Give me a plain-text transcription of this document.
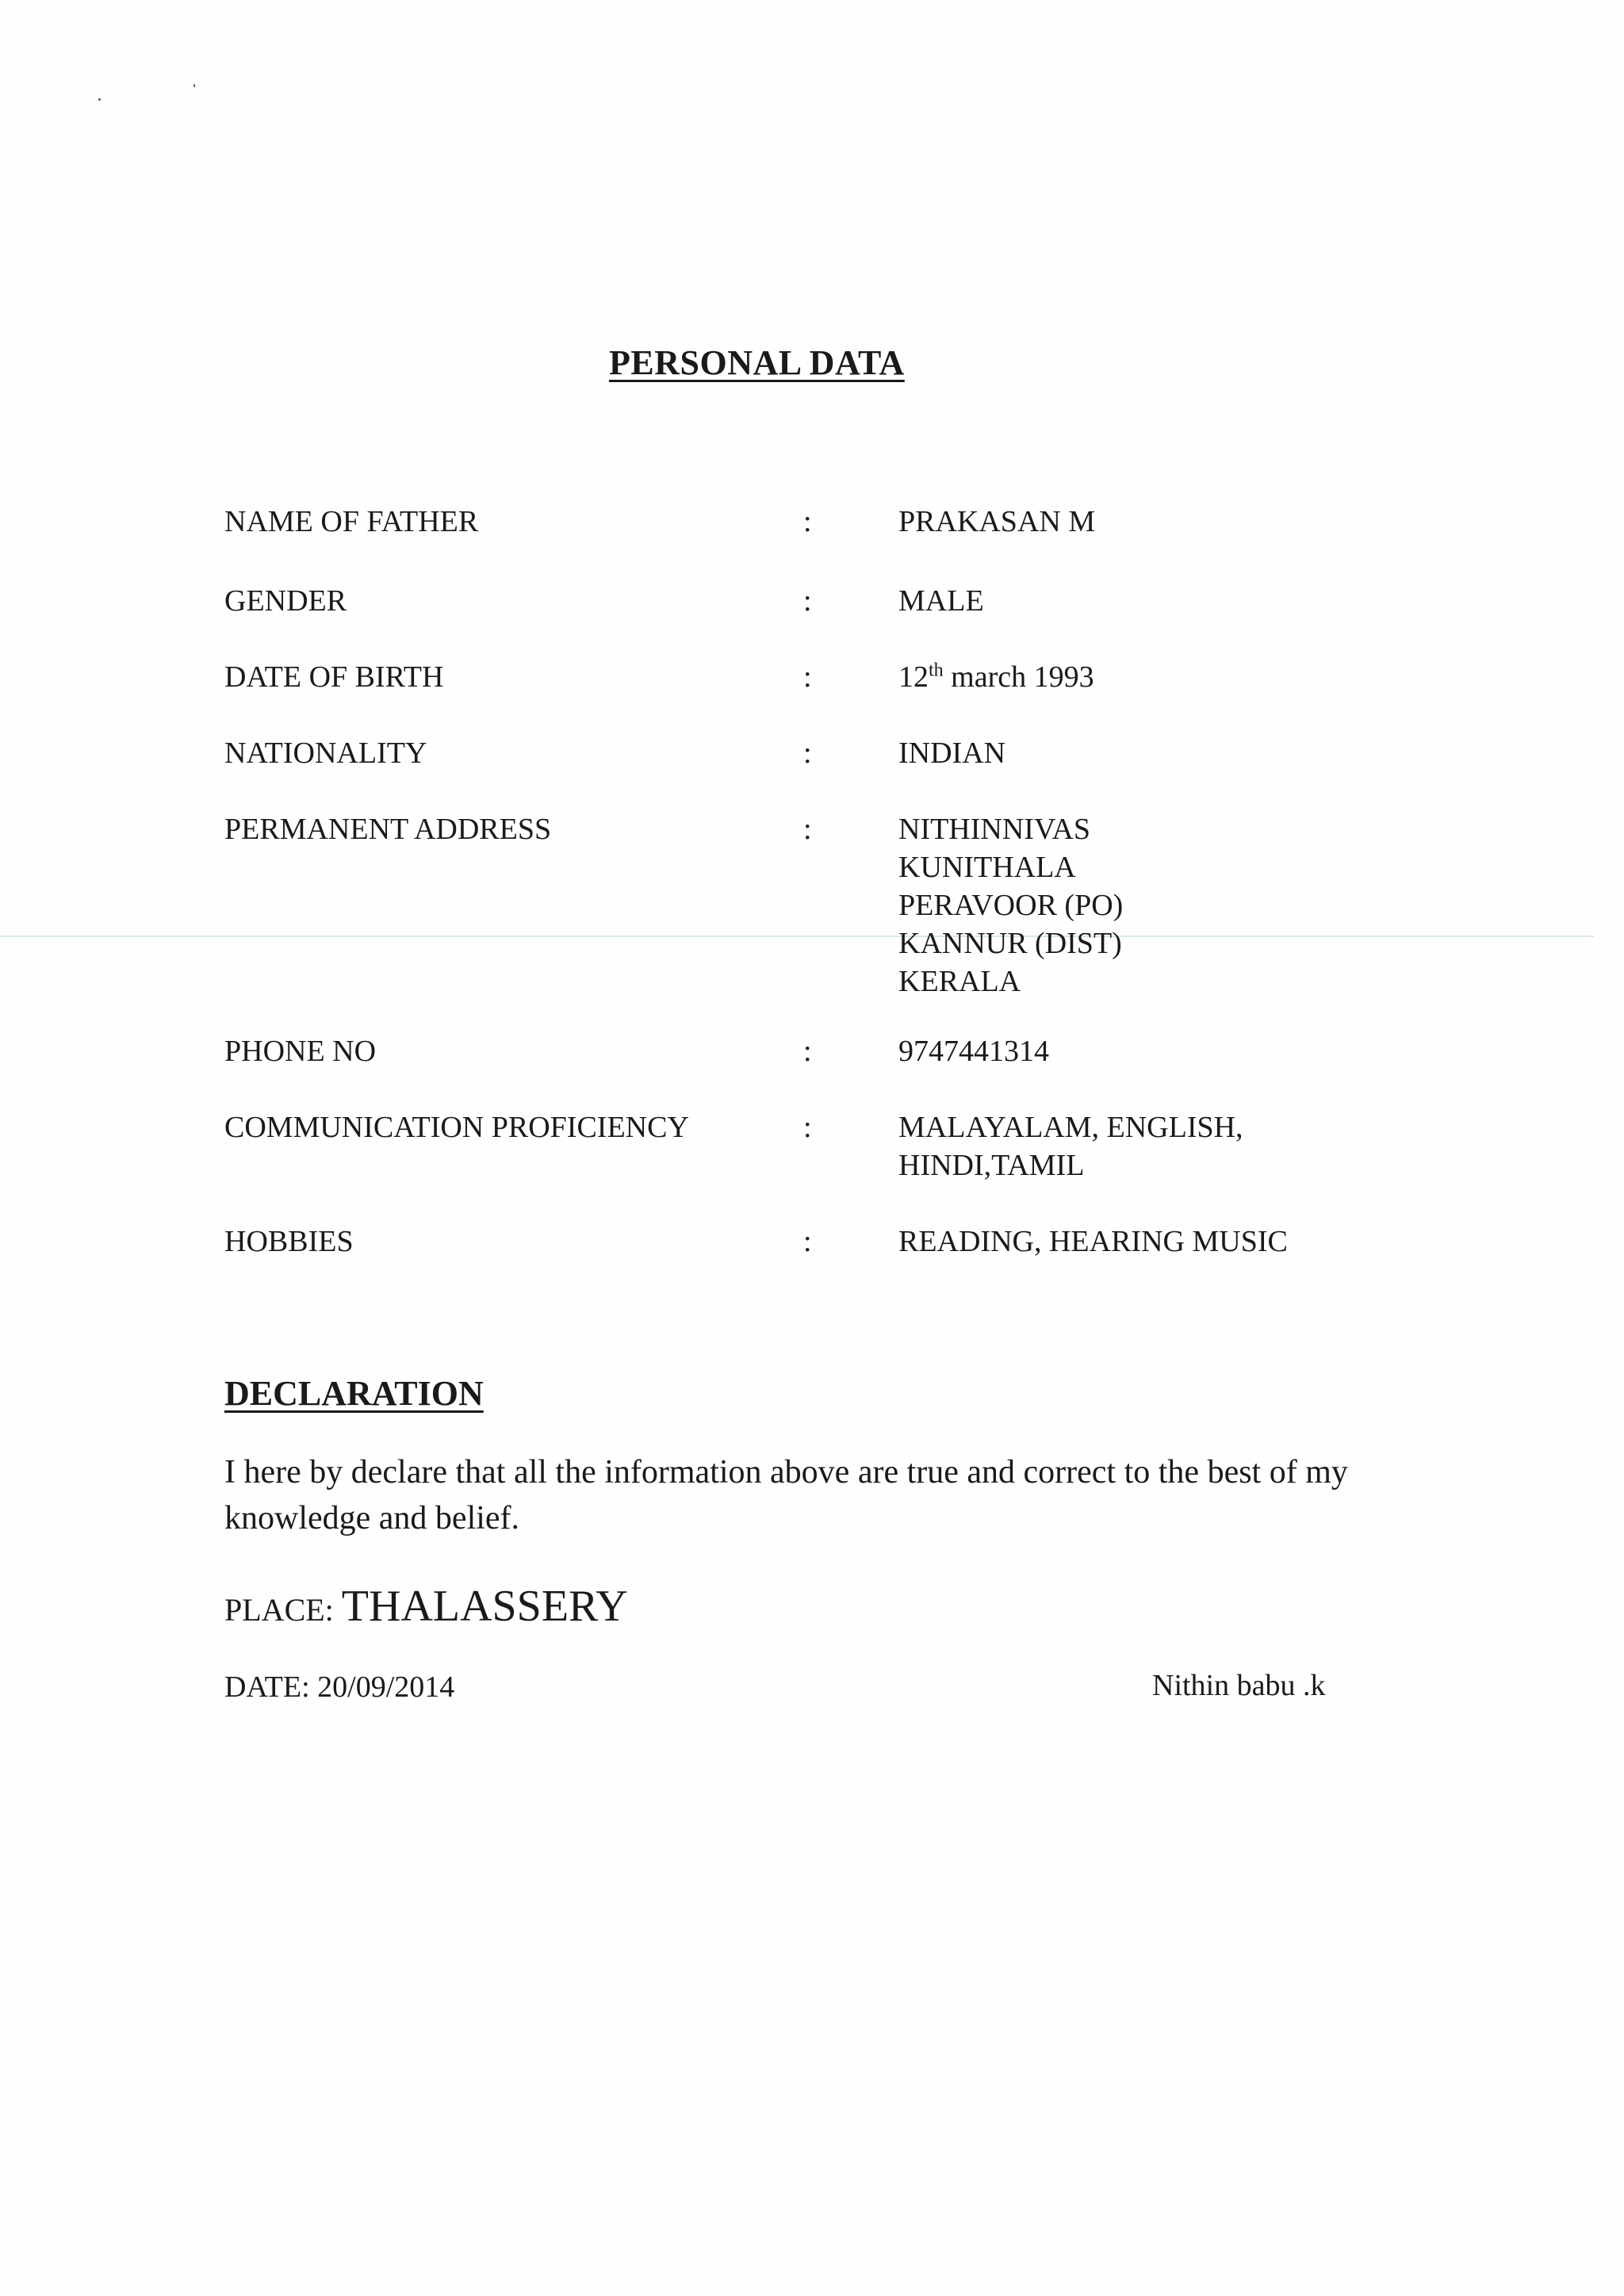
PERSONAL DATA
NAME OF FATHER	:	PRAKASAN M
GENDER	:	MALE
DATE OF BIRTH	:	12th march 1993
NATIONALITY	:	INDIAN
PERMANENT ADDRESS	:	NITHINNIVAS
KUNITHALA
PERAVOOR (PO)
KANNUR (DIST)
KERALA
PHONE NO	:	9747441314
COMMUNICATION PROFICIENCY	:	MALAYALAM, ENGLISH,
HINDI,TAMIL
HOBBIES	:	READING, HEARING MUSIC
DECLARATION
I here by declare that all the information above are true and correct to the best of my knowledge and belief.
PLACE: THALASSERY
DATE: 20/09/2014	Nithin babu .k
